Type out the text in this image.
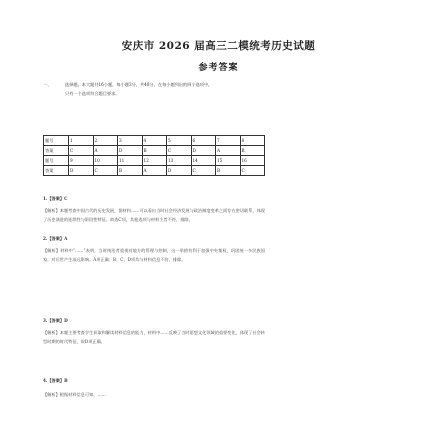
安庆市 2026 届高三二模统考历史试题
参考答案
一、	选择题。本大题共16小题，每小题3分，共48分。在每小题列出的四个选项中，
只有一个选项符合题目要求。
题号	1	2	3	4	5	6	7	8
答案	C	A	D	B	C	D	A	B
题号	9	10	11	12	13	14	15	16
答案	D	C	B	A	D	C	B	C
1.【答案】C
【解析】本题考查中国古代的历史发展，据材料……可以看出当时社会经济发展与政治制度变革之间存在密切联系，体现了历史演进的连续性与阶段性特征。故选C项，其他选项与材料主旨不符，排除。
2.【答案】A
【解析】材料中“……”表明，当时统治者重视对地方的管理与控制，这一举措有利于加强中央集权，巩固统一多民族国家，对后世产生深远影响。A项正确；B、C、D项均与材料信息不符，排除。
3.【答案】D
【解析】本题主要考查学生获取和解读材料信息的能力，材料中……反映了当时思想文化领域的重要变化，体现了社会转型时期的时代特征，故D项正确。
4.【答案】B
【解析】根据材料信息可知，……
